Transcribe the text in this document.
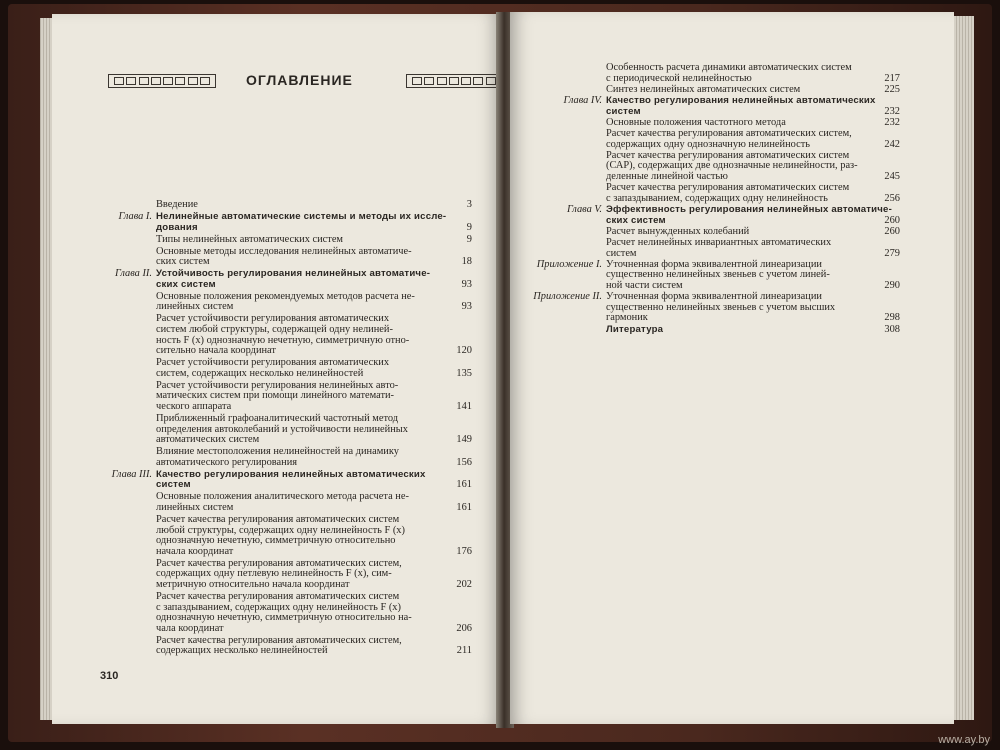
ОГЛАВЛЕНИЕ
Введение	3
Глава I. Нелинейные автоматические системы и методы их иссле-
дования	9
Типы нелинейных автоматических систем	9
Основные методы исследования нелинейных автоматиче-
ских систем	18
Глава II. Устойчивость регулирования нелинейных автоматиче-
ских систем	93
Основные положения рекомендуемых методов расчета не-
линейных систем	93
Расчет устойчивости регулирования автоматических
систем любой структуры, содержащей одну нелиней-
ность F (x) однозначную нечетную, симметричную отно-
сительно начала координат	120
Расчет устойчивости регулирования автоматических
систем, содержащих несколько нелинейностей	135
Расчет устойчивости регулирования нелинейных авто-
матических систем при помощи линейного математи-
ческого аппарата	141
Приближенный графоаналитический частотный метод
определения автоколебаний и устойчивости нелинейных
автоматических систем	149
Влияние местоположения нелинейностей на динамику
автоматического регулирования	156
Глава III. Качество регулирования нелинейных автоматических
систем	161
Основные положения аналитического метода расчета не-
линейных систем	161
Расчет качества регулирования автоматических систем
любой структуры, содержащих одну нелинейность F (x)
однозначную нечетную, симметричную относительно
начала координат	176
Расчет качества регулирования автоматических систем,
содержащих одну петлевую нелинейность F (x), сим-
метричную относительно начала координат	202
Расчет качества регулирования автоматических систем
с запаздыванием, содержащих одну нелинейность F (x)
однозначную нечетную, симметричную относительно на-
чала координат	206
Расчет качества регулирования автоматических систем,
содержащих несколько нелинейностей	211
310
Особенность расчета динамики автоматических систем
с периодической нелинейностью	217
Синтез нелинейных автоматических систем	225
Глава IV. Качество регулирования нелинейных автоматических
систем	232
Основные положения частотного метода	232
Расчет качества регулирования автоматических систем,
содержащих одну однозначную нелинейность	242
Расчет качества регулирования автоматических систем
(САР), содержащих две однозначные нелинейности, раз-
деленные линейной частью	245
Расчет качества регулирования автоматических систем
с запаздыванием, содержащих одну нелинейность	256
Глава V. Эффективность регулирования нелинейных автоматиче-
ских систем	260
Расчет вынужденных колебаний	260
Расчет нелинейных инвариантных автоматических
систем	279
Приложение I. Уточненная форма эквивалентной линеаризации
существенно нелинейных звеньев с учетом линей-
ной части систем	290
Приложение II. Уточненная форма эквивалентной линеаризации
существенно нелинейных звеньев с учетом высших
гармоник	298
Литература	308
www.ay.by
